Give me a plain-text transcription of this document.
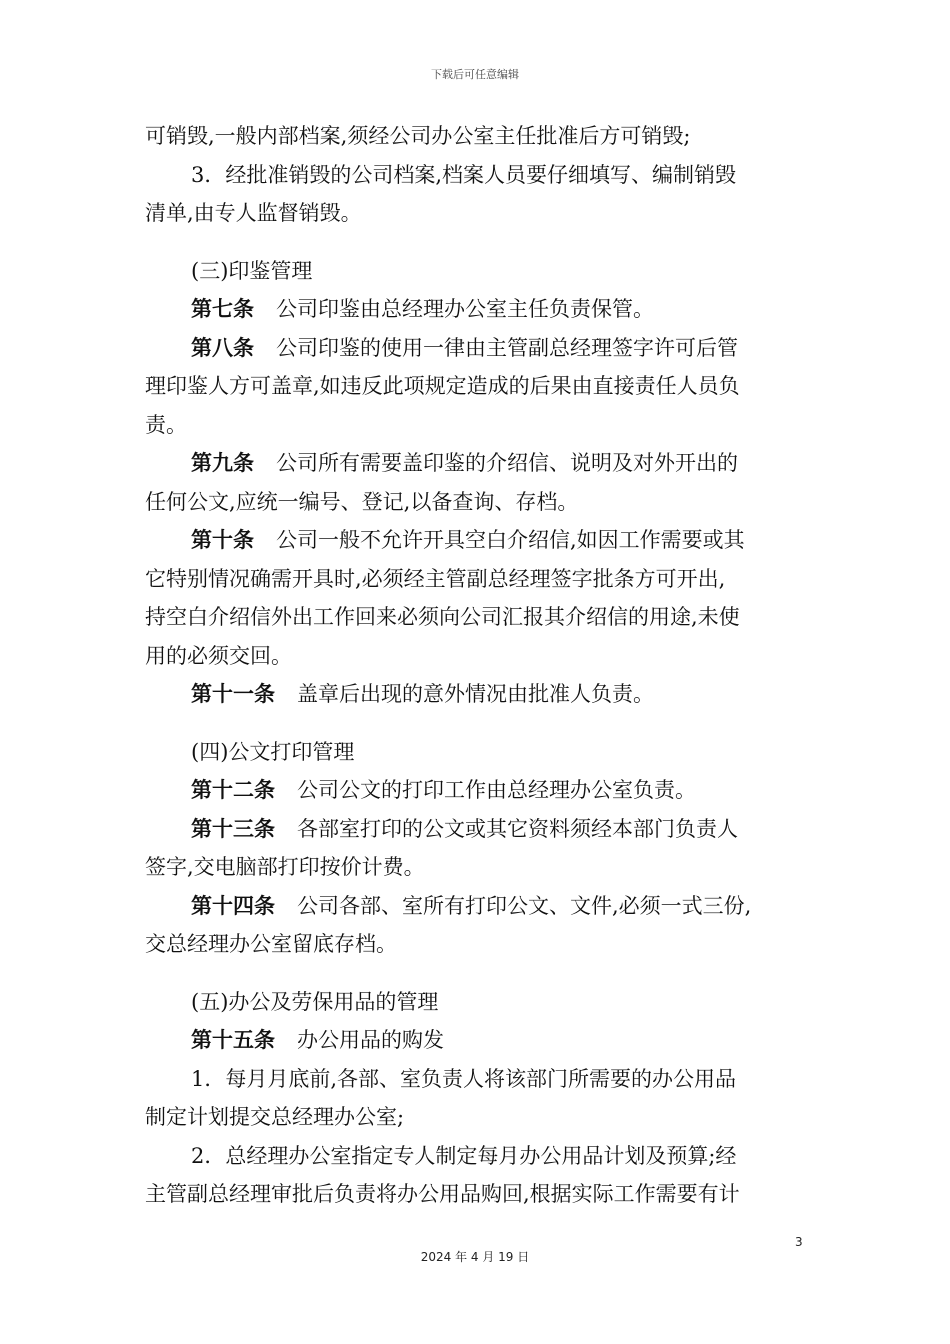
下载后可任意编辑

可销毁,一般内部档案,须经公司办公室主任批准后方可销毁;

3．经批准销毁的公司档案,档案人员要仔细填写、编制销毁

清单,由专人监督销毁。

(三)印鉴管理

第七条 公司印鉴由总经理办公室主任负责保管。

第八条 公司印鉴的使用一律由主管副总经理签字许可后管

理印鉴人方可盖章,如违反此项规定造成的后果由直接责任人员负

责。

第九条 公司所有需要盖印鉴的介绍信、说明及对外开出的

任何公文,应统一编号、登记,以备查询、存档。

第十条 公司一般不允许开具空白介绍信,如因工作需要或其

它特别情况确需开具时,必须经主管副总经理签字批条方可开出,

持空白介绍信外出工作回来必须向公司汇报其介绍信的用途,未使

用的必须交回。

第十一条 盖章后出现的意外情况由批准人负责。

(四)公文打印管理

第十二条 公司公文的打印工作由总经理办公室负责。

第十三条 各部室打印的公文或其它资料须经本部门负责人

签字,交电脑部打印按价计费。

第十四条 公司各部、室所有打印公文、文件,必须一式三份,

交总经理办公室留底存档。

(五)办公及劳保用品的管理

第十五条 办公用品的购发

1．每月月底前,各部、室负责人将该部门所需要的办公用品

制定计划提交总经理办公室;

2．总经理办公室指定专人制定每月办公用品计划及预算;经

主管副总经理审批后负责将办公用品购回,根据实际工作需要有计

3
2024 年 4 月 19 日
